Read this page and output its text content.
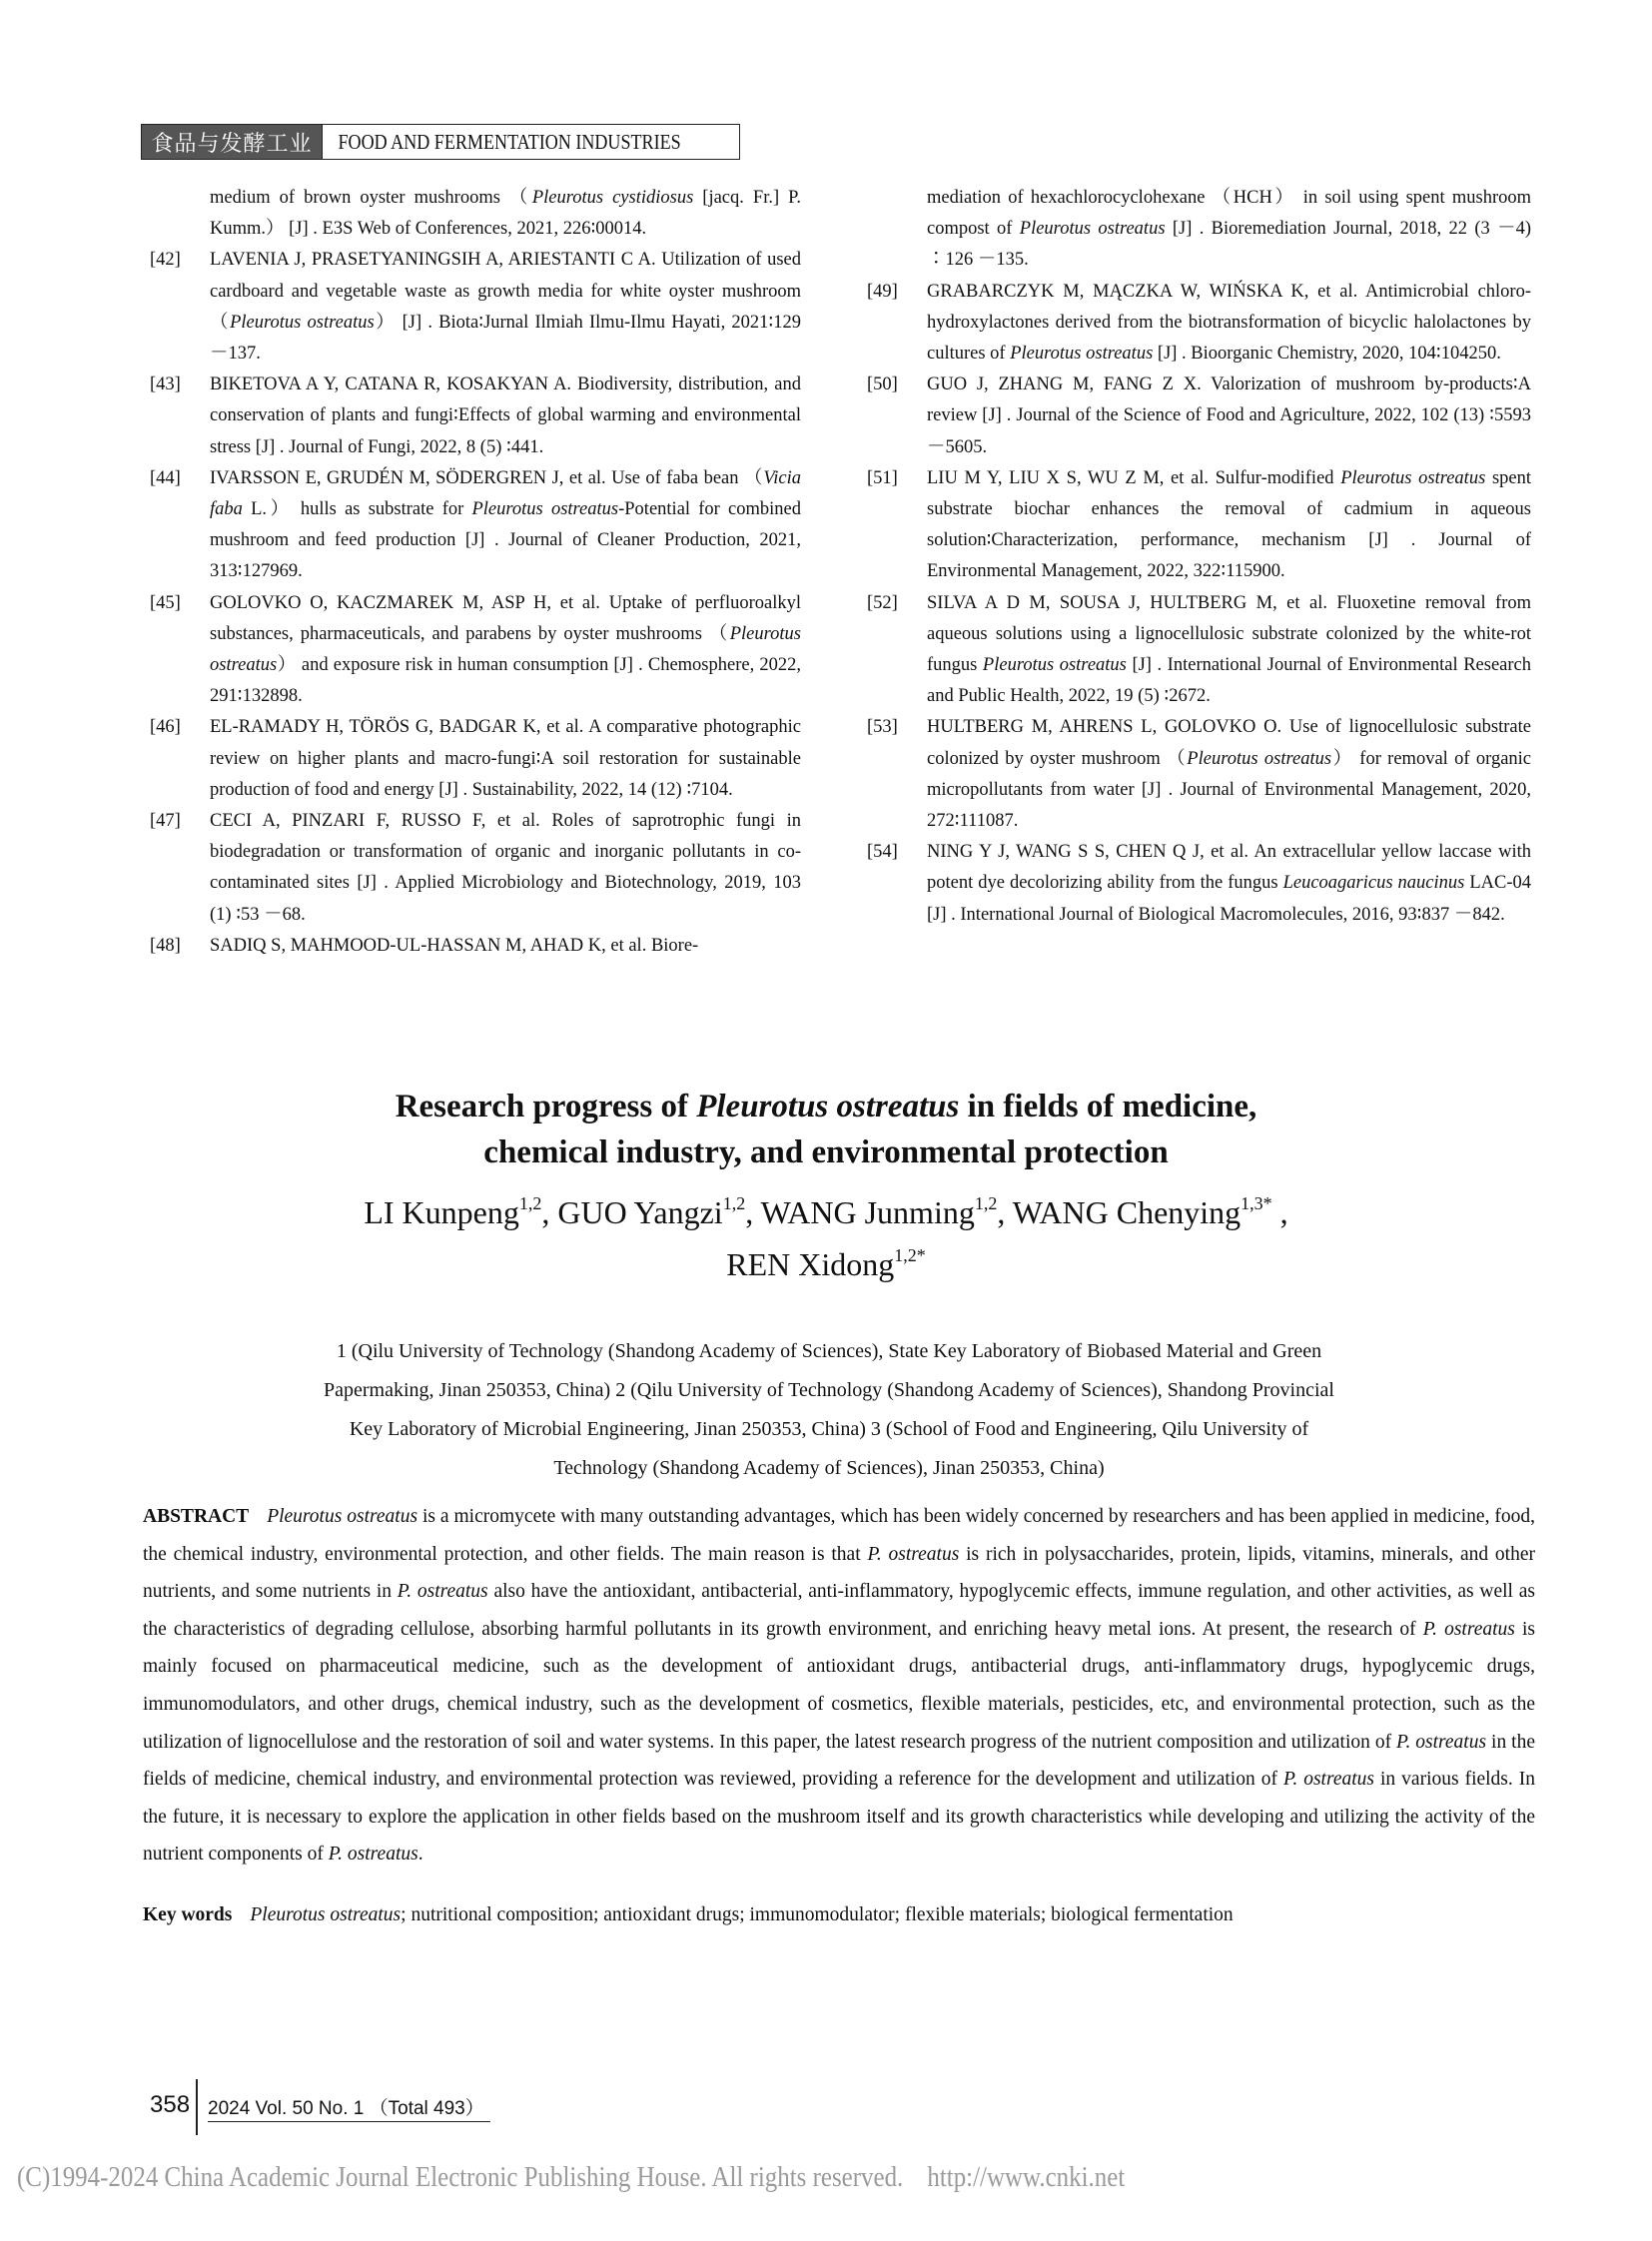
食品与发酵工业	FOOD AND FERMENTATION INDUSTRIES
medium of brown oyster mushrooms （Pleurotus cystidiosus [jacq. Fr.] P. Kumm.） [J] . E3S Web of Conferences, 2021, 226∶00014.
[42]	LAVENIA J, PRASETYANINGSIH A, ARIESTANTI C A. Utilization of used cardboard and vegetable waste as growth media for white oyster mushroom （Pleurotus ostreatus） [J] . Biota∶Jurnal Ilmiah Ilmu-Ilmu Hayati, 2021∶129 －137.
[43]	BIKETOVA A Y, CATANA R, KOSAKYAN A. Biodiversity, distribution, and conservation of plants and fungi∶Effects of global warming and environmental stress [J] . Journal of Fungi, 2022, 8 (5) ∶441.
[44]	IVARSSON E, GRUDÉN M, SÖDERGREN J, et al. Use of faba bean （Vicia faba L.） hulls as substrate for Pleurotus ostreatus-Potential for combined mushroom and feed production [J] . Journal of Cleaner Production, 2021, 313∶127969.
[45]	GOLOVKO O, KACZMAREK M, ASP H, et al. Uptake of perfluoroalkyl substances, pharmaceuticals, and parabens by oyster mushrooms （Pleurotus ostreatus） and exposure risk in human consumption [J] . Chemosphere, 2022, 291∶132898.
[46]	EL-RAMADY H, TÖRÖS G, BADGAR K, et al. A comparative photographic review on higher plants and macro-fungi∶A soil restoration for sustainable production of food and energy [J] . Sustainability, 2022, 14 (12) ∶7104.
[47]	CECI A, PINZARI F, RUSSO F, et al. Roles of saprotrophic fungi in biodegradation or transformation of organic and inorganic pollutants in co-contaminated sites [J] . Applied Microbiology and Biotechnology, 2019, 103 (1) ∶53 －68.
[48]	SADIQ S, MAHMOOD-UL-HASSAN M, AHAD K, et al. Biore-
mediation of hexachlorocyclohexane （HCH） in soil using spent mushroom compost of Pleurotus ostreatus [J] . Bioremediation Journal, 2018, 22 (3 －4) ∶126 －135.
[49]	GRABARCZYK M, MĄCZKA W, WIŃSKA K, et al. Antimicrobial chloro-hydroxylactones derived from the biotransformation of bicyclic halolactones by cultures of Pleurotus ostreatus [J] . Bioorganic Chemistry, 2020, 104∶104250.
[50]	GUO J, ZHANG M, FANG Z X. Valorization of mushroom by-products∶A review [J] . Journal of the Science of Food and Agriculture, 2022, 102 (13) ∶5593 －5605.
[51]	LIU M Y, LIU X S, WU Z M, et al. Sulfur-modified Pleurotus ostreatus spent substrate biochar enhances the removal of cadmium in aqueous solution∶Characterization, performance, mechanism [J] . Journal of Environmental Management, 2022, 322∶115900.
[52]	SILVA A D M, SOUSA J, HULTBERG M, et al. Fluoxetine removal from aqueous solutions using a lignocellulosic substrate colonized by the white-rot fungus Pleurotus ostreatus [J] . International Journal of Environmental Research and Public Health, 2022, 19 (5) ∶2672.
[53]	HULTBERG M, AHRENS L, GOLOVKO O. Use of lignocellulosic substrate colonized by oyster mushroom （Pleurotus ostreatus） for removal of organic micropollutants from water [J] . Journal of Environmental Management, 2020, 272∶111087.
[54]	NING Y J, WANG S S, CHEN Q J, et al. An extracellular yellow laccase with potent dye decolorizing ability from the fungus Leucoagaricus naucinus LAC-04 [J] . International Journal of Biological Macromolecules, 2016, 93∶837 －842.
Research progress of Pleurotus ostreatus in fields of medicine,
chemical industry, and environmental protection
LI Kunpeng$^{1,2}$, GUO Yangzi$^{1,2}$, WANG Junming$^{1,2}$, WANG Chenying$^{1,3*}$ ,
REN Xidong$^{1,2*}$
1 (Qilu University of Technology (Shandong Academy of Sciences), State Key Laboratory of Biobased Material and Green
Papermaking, Jinan 250353, China) 2 (Qilu University of Technology (Shandong Academy of Sciences), Shandong Provincial
Key Laboratory of Microbial Engineering, Jinan 250353, China) 3 (School of Food and Engineering, Qilu University of
Technology (Shandong Academy of Sciences), Jinan 250353, China)
ABSTRACT Pleurotus ostreatus is a micromycete with many outstanding advantages, which has been widely concerned by researchers and has been applied in medicine, food, the chemical industry, environmental protection, and other fields. The main reason is that P. ostreatus is rich in polysaccharides, protein, lipids, vitamins, minerals, and other nutrients, and some nutrients in P. ostreatus also have the antioxidant, antibacterial, anti-inflammatory, hypoglycemic effects, immune regulation, and other activities, as well as the characteristics of degrading cellulose, absorbing harmful pollutants in its growth environment, and enriching heavy metal ions. At present, the research of P. ostreatus is mainly focused on pharmaceutical medicine, such as the development of antioxidant drugs, antibacterial drugs, anti-inflammatory drugs, hypoglycemic drugs, immunomodulators, and other drugs, chemical industry, such as the development of cosmetics, flexible materials, pesticides, etc, and environmental protection, such as the utilization of lignocellulose and the restoration of soil and water systems. In this paper, the latest research progress of the nutrient composition and utilization of P. ostreatus in the fields of medicine, chemical industry, and environmental protection was reviewed, providing a reference for the development and utilization of P. ostreatus in various fields. In the future, it is necessary to explore the application in other fields based on the mushroom itself and its growth characteristics while developing and utilizing the activity of the nutrient components of P. ostreatus.
Key words Pleurotus ostreatus; nutritional composition; antioxidant drugs; immunomodulator; flexible materials; biological fermentation
358 2024 Vol. 50 No. 1 （Total 493）
(C)1994-2024 China Academic Journal Electronic Publishing House. All rights reserved. http://www.cnki.net
